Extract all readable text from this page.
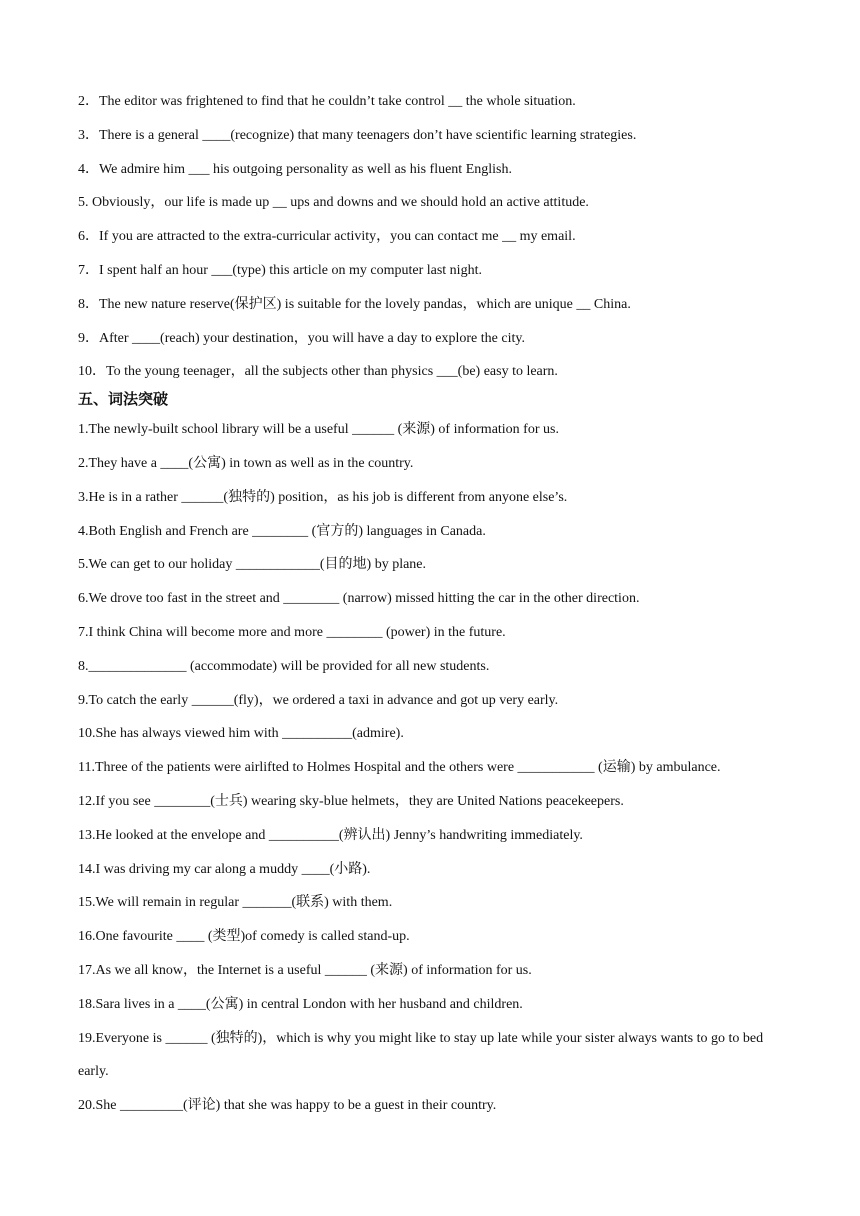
2．The editor was frightened to find that he couldn’t take control __ the whole situation.
3．There is a general ____(recognize) that many teenagers don’t have scientific learning strategies.
4．We admire him ___ his outgoing personality as well as his fluent English.
5. Obviously，our life is made up __ ups and downs and we should hold an active attitude.
6．If you are attracted to the extra-curricular activity，you can contact me __ my email.
7．I spent half an hour ___(type) this article on my computer last night.
8．The new nature reserve(保护区) is suitable for the lovely pandas，which are unique __ China.
9．After ____(reach) your destination，you will have a day to explore the city.
10．To the young teenager，all the subjects other than physics ___(be) easy to learn.
五、词法突破
1.The newly-built school library will be a useful ______ (来源) of information for us.
2.They have a ____(公寓) in town as well as in the country.
3.He is in a rather ______(独特的) position，as his job is different from anyone else’s.
4.Both English and French are ________ (官方的) languages in Canada.
5.We can get to our holiday ____________(目的地) by plane.
6.We drove too fast in the street and ________ (narrow) missed hitting the car in the other direction.
7.I think China will become more and more ________ (power) in the future.
8.______________ (accommodate) will be provided for all new students.
9.To catch the early ______(fly)，we ordered a taxi in advance and got up very early.
10.She has always viewed him with __________(admire).
11.Three of the patients were airlifted to Holmes Hospital and the others were ___________ (运输) by ambulance.
12.If you see ________(士兵) wearing sky-blue helmets，they are United Nations peacekeepers.
13.He looked at the envelope and __________(辨认出) Jenny’s handwriting immediately.
14.I was driving my car along a muddy ____(小路).
15.We will remain in regular _______(联系) with them.
16.One favourite ____ (类型)of comedy is called stand-up.
17.As we all know，the Internet is a useful ______ (来源) of information for us.
18.Sara lives in a ____(公寓) in central London with her husband and children.
19.Everyone is ______ (独特的)，which is why you might like to stay up late while your sister always wants to go to bed early.
20.She _________(评论) that she was happy to be a guest in their country.
